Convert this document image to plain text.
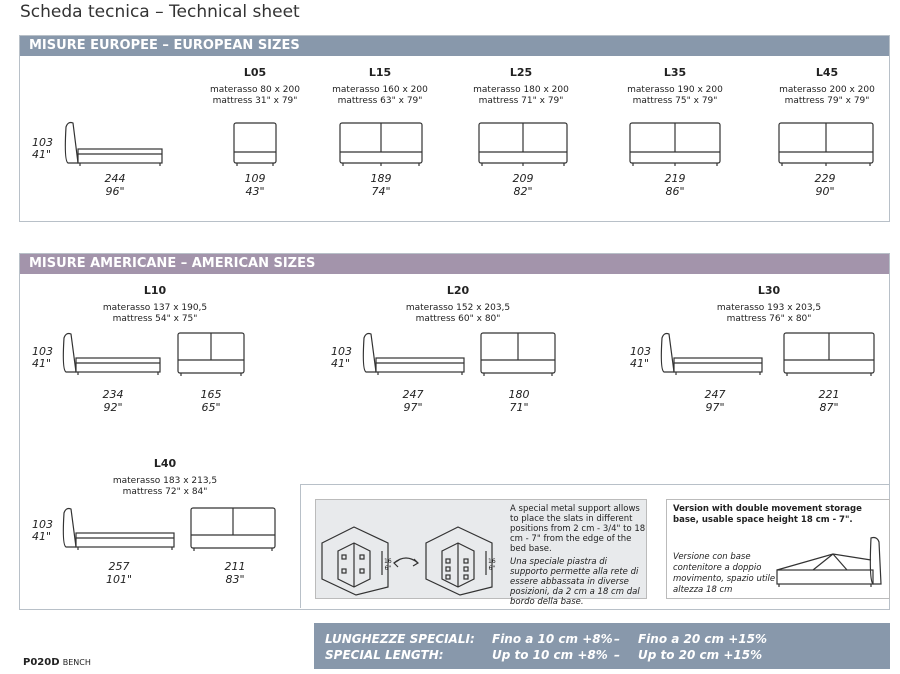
Scheda tecnica – Technical sheet
MISURE EUROPEE – EUROPEAN SIZES
103
41"
244
96"
L05
materasso 80 x 200
mattress 31" x 79"
109
43"
L15
materasso 160 x 200
mattress 63" x 79"
189
74"
L25
materasso 180 x 200
mattress 71" x 79"
209
82"
L35
materasso 190 x 200
mattress 75" x 79"
219
86"
L45
materasso 200 x 200
mattress 79" x 79"
229
90"
MISURE AMERICANE – AMERICAN SIZES
L10
materasso 137 x 190,5
mattress 54" x 75"
103
41"
234
92"
165
65"
L20
materasso 152 x 203,5
mattress 60" x 80"
103
41"
247
97"
180
71"
L30
materasso 193 x 203,5
mattress 76" x 80"
103
41"
247
97"
221
87"
L40
materasso 183 x 213,5
mattress 72" x 84"
103
41"
257
101"
211
83"
16
6"
16
6"
A special metal support allows to place the slats in different positions from 2 cm - 3/4" to 18 cm - 7" from the edge of the bed base.
Una speciale piastra di supporto permette alla rete di essere abbassata in diverse posizioni, da 2 cm a 18 cm dal bordo della base.
Version with double movement storage base, usable space height 18 cm - 7".
Versione con base contenitore a doppio movimento, spazio utile altezza 18 cm
LUNGHEZZE SPECIALI:
SPECIAL LENGTH:
Fino a 10 cm +8%
Up to 10 cm +8%
–
–
Fino a 20 cm +15%
Up to 20 cm +15%
P020D BENCH
